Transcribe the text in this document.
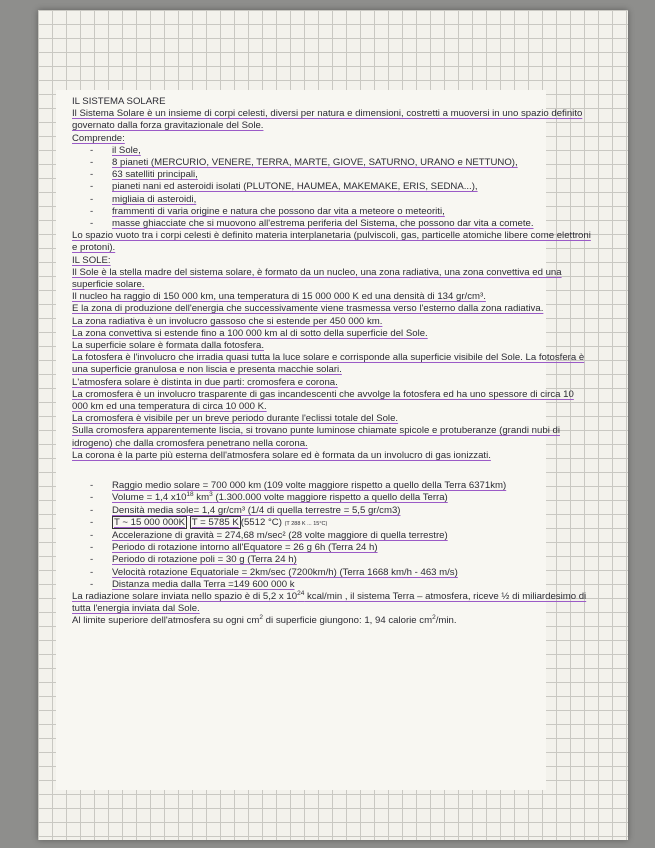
IL SISTEMA SOLARE

Il Sistema Solare è un insieme di corpi celesti, diversi per natura e dimensioni, costretti a muoversi in uno spazio definito governato dalla forza gravitazionale del Sole.

Comprende:

- il Sole,
- 8 pianeti (MERCURIO, VENERE, TERRA, MARTE, GIOVE, SATURNO, URANO e NETTUNO),
- 63 satelliti principali,
- pianeti nani ed asteroidi isolati (PLUTONE, HAUMEA, MAKEMAKE, ERIS, SEDNA...),
- migliaia di asteroidi,
- frammenti di varia origine e natura che possono dar vita a meteore o meteoriti,
- masse ghiacciate che si muovono all'estrema periferia del Sistema, che possono dar vita a comete.

Lo spazio vuoto tra i corpi celesti è definito materia interplanetaria (pulviscoli, gas, particelle atomiche libere come elettroni e protoni).

IL SOLE:

Il Sole è la stella madre del sistema solare, è formato da un nucleo, una zona radiativa, una zona convettiva ed una superficie solare.

Il nucleo ha raggio di 150 000 km, una temperatura di 15 000 000 K ed una densità di 134 gr/cm³.

E la zona di produzione dell'energia che successivamente viene trasmessa verso l'esterno dalla zona radiativa.

La zona radiativa è un involucro gassoso che si estende per 450 000 km.

La zona convettiva si estende fino a 100 000 km al di sotto della superficie del Sole.

La superficie solare è formata dalla fotosfera.

La fotosfera è l'involucro che irradia quasi tutta la luce solare e corrisponde alla superficie visibile del Sole. La fotosfera è una superficie granulosa e non liscia e presenta macchie solari.

L'atmosfera solare è distinta in due parti: cromosfera e corona.

La cromosfera è un involucro trasparente di gas incandescenti che avvolge la fotosfera ed ha uno spessore di circa 10 000 km ed una temperatura di circa 10 000 K.

La cromosfera è visibile per un breve periodo durante l'eclissi totale del Sole.

Sulla cromosfera apparentemente liscia, si trovano punte luminose chiamate spicole e protuberanze (grandi nubi di idrogeno) che dalla cromosfera penetrano nella corona.

La corona è la parte più esterna dell'atmosfera solare ed è formata da un involucro di gas ionizzati.

- Raggio medio solare = 700 000 km (109 volte maggiore rispetto a quello della Terra 6371km)
- Volume = 1,4 $x10^{18}$ $km^3$ (1.300.000 volte maggiore rispetto a quello della Terra)
- Densità media sole= 1,4 gr/cm³ (1/4 di quella terrestre = 5,5 gr/cm3)
- T ~ 15 000 000K T = 5785 K (5512 °C) (T 288 K ... 15°C)
- Accelerazione di gravità = 274,68 m/sec² (28 volte maggiore di quella terrestre)
- Periodo di rotazione intorno all'Equatore = 26 g 6h (Terra 24 h)
- Periodo di rotazione poli = 30 g (Terra 24 h)
- Velocità rotazione Equatoriale = 2km/sec (7200km/h) (Terra 1668 km/h - 463 m/s)
- Distanza media dalla Terra =149 600 000 k

La radiazione solare inviata nello spazio è di 5,2 x $10^{24}$ kcal/min , il sistema Terra – atmosfera, riceve ½ di miliardesimo di tutta l'energia inviata dal Sole.

Al limite superiore dell'atmosfera su ogni $cm^2$ di superficie giungono: 1, 94 calorie $cm^2/\min$.
